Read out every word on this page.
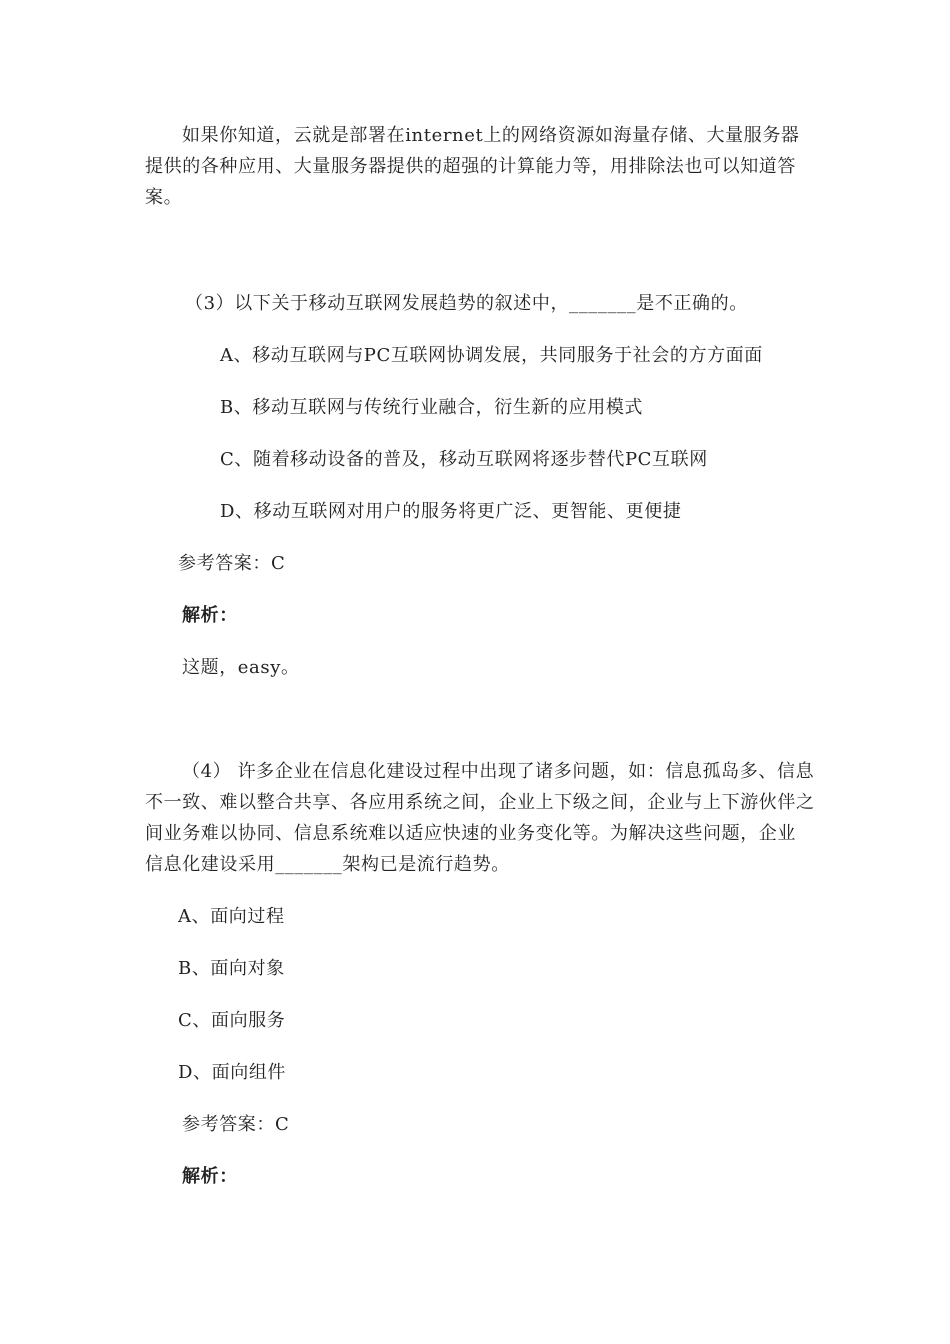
如果你知道，云就是部署在internet上的网络资源如海量存储、大量服务器
提供的各种应用、大量服务器提供的超强的计算能力等，用排除法也可以知道答
案。
（3）以下关于移动互联网发展趋势的叙述中，_______是不正确的。
A、移动互联网与PC互联网协调发展，共同服务于社会的方方面面
B、移动互联网与传统行业融合，衍生新的应用模式
C、随着移动设备的普及，移动互联网将逐步替代PC互联网
D、移动互联网对用户的服务将更广泛、更智能、更便捷
参考答案：C
解析：
这题，easy。
（4） 许多企业在信息化建设过程中出现了诸多问题，如：信息孤岛多、信息
不一致、难以整合共享、各应用系统之间，企业上下级之间，企业与上下游伙伴之
间业务难以协同、信息系统难以适应快速的业务变化等。为解决这些问题，企业
信息化建设采用_______架构已是流行趋势。
A、面向过程
B、面向对象
C、面向服务
D、面向组件
参考答案：C
解析：
